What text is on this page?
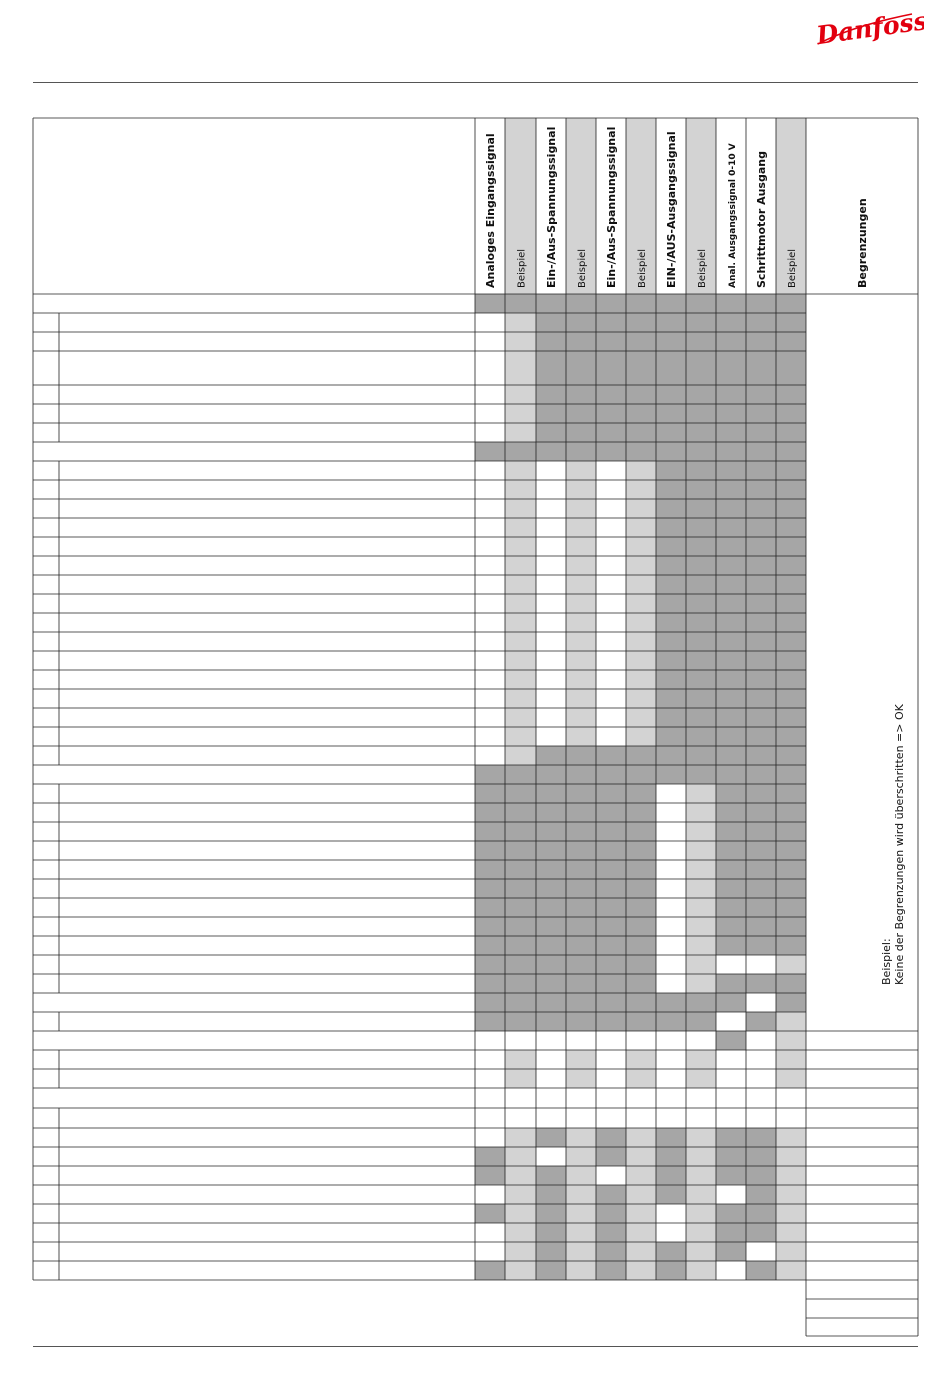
Danfoss
Analoges Eingangssignal Beispiel Ein-/Aus-Spannungssignal Beispiel Ein-/Aus-Spannungssignal Beispiel EIN-/AUS-Ausgangssignal Beispiel Anal. Ausgangssignal 0-10 V Schrittmotor Ausgang Beispiel	Begrenzungen
Beispiel: Keine der Begrenzungen wird überschritten => OK
